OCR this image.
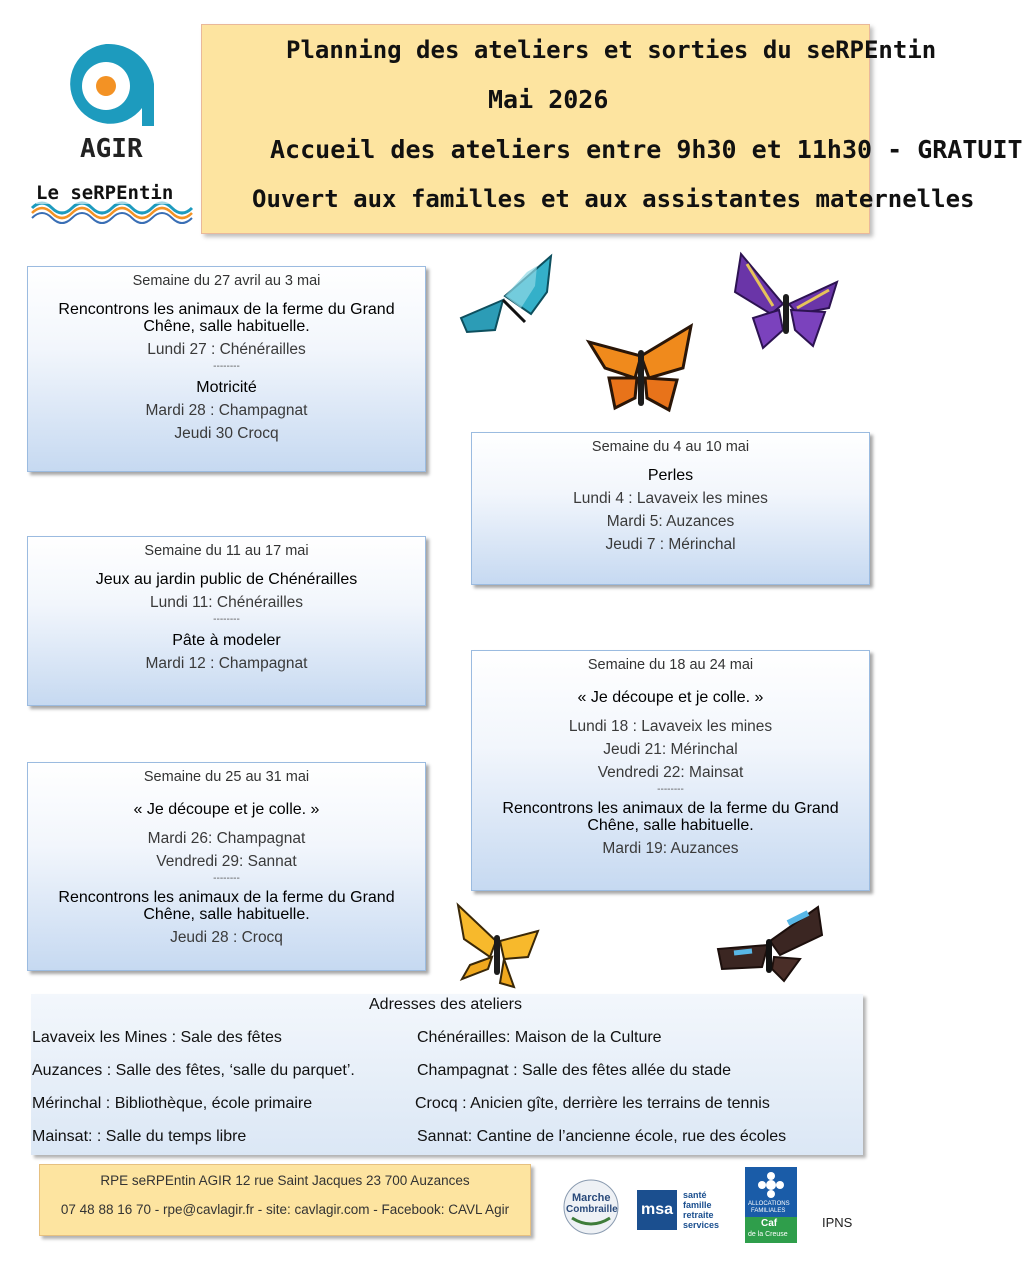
AGIR
Le seRPEntin
Planning des ateliers et sorties du seRPEntin
Mai 2026
Accueil des ateliers entre 9h30 et 11h30 - GRATUIT
Ouvert aux familles et aux assistantes maternelles
Semaine du 27 avril au 3 mai
Rencontrons les animaux de la ferme du Grand Chêne, salle habituelle.
Lundi 27 : Chénérailles
--------
Motricité
Mardi 28 : Champagnat
Jeudi 30 Crocq
Semaine du 4 au 10 mai
Perles
Lundi 4 : Lavaveix les mines
Mardi 5: Auzances
Jeudi 7 : Mérinchal
Semaine du 11 au 17 mai
Jeux au jardin public de Chénérailles
Lundi 11: Chénérailles
--------
Pâte à modeler
Mardi 12 : Champagnat	Semaine du 18 au 24 mai
« Je découpe et je colle. »
Lundi 18 : Lavaveix les mines
Jeudi 21: Mérinchal
Vendredi 22: Mainsat
--------
Rencontrons les animaux de la ferme du Grand Chêne, salle habituelle.
Mardi 19: Auzances
Semaine du 25 au 31 mai
« Je découpe et je colle. »
Mardi 26: Champagnat
Vendredi 29: Sannat
--------
Rencontrons les animaux de la ferme du Grand Chêne, salle habituelle.
Jeudi 28 : Crocq
Adresses des ateliers
Lavaveix les Mines : Sale des fêtes	Chénérailles: Maison de la Culture
Auzances : Salle des fêtes, ‘salle du parquet’.	Champagnat : Salle des fêtes allée du stade
Mérinchal : Bibliothèque, école primaire	Crocq : Anicien gîte, derrière les terrains de tennis
Mainsat: : Salle du temps libre	Sannat: Cantine de l’ancienne école, rue des écoles
RPE seRPEntin AGIR 12 rue Saint Jacques 23 700 Auzances
07 48 88 16 70 - rpe@cavlagir.fr - site: cavlagir.com - Facebook: CAVL Agir
Marche
Combraille msa
santé
famille
retraite
services
ALLOCATIONS
FAMILIALES
Caf
de la Creuse
IPNS
